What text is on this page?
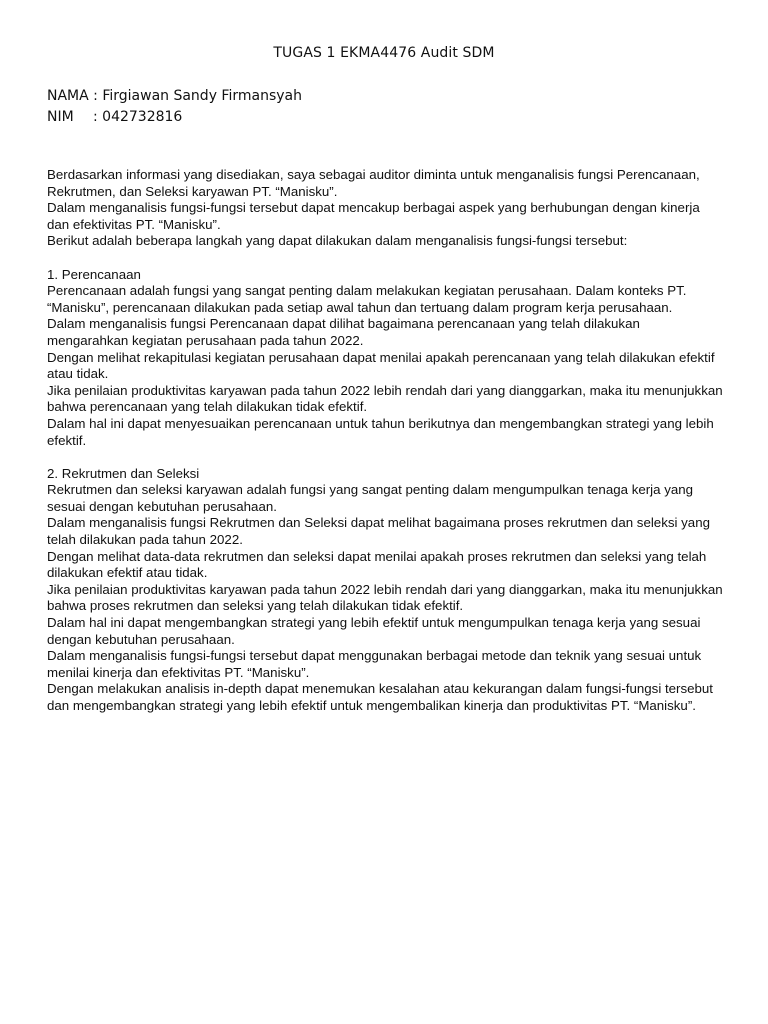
TUGAS 1 EKMA4476 Audit SDM
NAMA :
Firgiawan Sandy Firmansyah
NIM	: 042732816

Berdasarkan informasi yang disediakan, saya sebagai auditor diminta untuk menganalisis fungsi Perencanaan, Rekrutmen, dan Seleksi karyawan PT. “Manisku”.

Dalam menganalisis fungsi-fungsi tersebut dapat mencakup berbagai aspek yang berhubungan dengan kinerja dan efektivitas PT. “Manisku”.

Berikut adalah beberapa langkah yang dapat dilakukan dalam menganalisis fungsi-fungsi tersebut:

1. Perencanaan

Perencanaan adalah fungsi yang sangat penting dalam melakukan kegiatan perusahaan. Dalam konteks PT. “Manisku”, perencanaan dilakukan pada setiap awal tahun dan tertuang dalam program kerja perusahaan.

Dalam menganalisis fungsi Perencanaan dapat dilihat bagaimana perencanaan yang telah dilakukan mengarahkan kegiatan perusahaan pada tahun 2022.

Dengan melihat rekapitulasi kegiatan perusahaan dapat menilai apakah perencanaan yang telah dilakukan efektif atau tidak.

Jika penilaian produktivitas karyawan pada tahun 2022 lebih rendah dari yang dianggarkan, maka itu menunjukkan bahwa perencanaan yang telah dilakukan tidak efektif.

Dalam hal ini dapat menyesuaikan perencanaan untuk tahun berikutnya dan mengembangkan strategi yang lebih efektif.

2. Rekrutmen dan Seleksi

Rekrutmen dan seleksi karyawan adalah fungsi yang sangat penting dalam mengumpulkan tenaga kerja yang sesuai dengan kebutuhan perusahaan.

Dalam menganalisis fungsi Rekrutmen dan Seleksi dapat melihat bagaimana proses rekrutmen dan seleksi yang telah dilakukan pada tahun 2022.

Dengan melihat data-data rekrutmen dan seleksi dapat menilai apakah proses rekrutmen dan seleksi yang telah dilakukan efektif atau tidak.

Jika penilaian produktivitas karyawan pada tahun 2022 lebih rendah dari yang dianggarkan, maka itu menunjukkan bahwa proses rekrutmen dan seleksi yang telah dilakukan tidak efektif.

Dalam hal ini dapat mengembangkan strategi yang lebih efektif untuk mengumpulkan tenaga kerja yang sesuai dengan kebutuhan perusahaan.

Dalam menganalisis fungsi-fungsi tersebut dapat menggunakan berbagai metode dan teknik yang sesuai untuk menilai kinerja dan efektivitas PT. “Manisku”.

Dengan melakukan analisis in-depth dapat menemukan kesalahan atau kekurangan dalam fungsi-fungsi tersebut dan mengembangkan strategi yang lebih efektif untuk mengembalikan kinerja dan produktivitas PT. “Manisku”.
